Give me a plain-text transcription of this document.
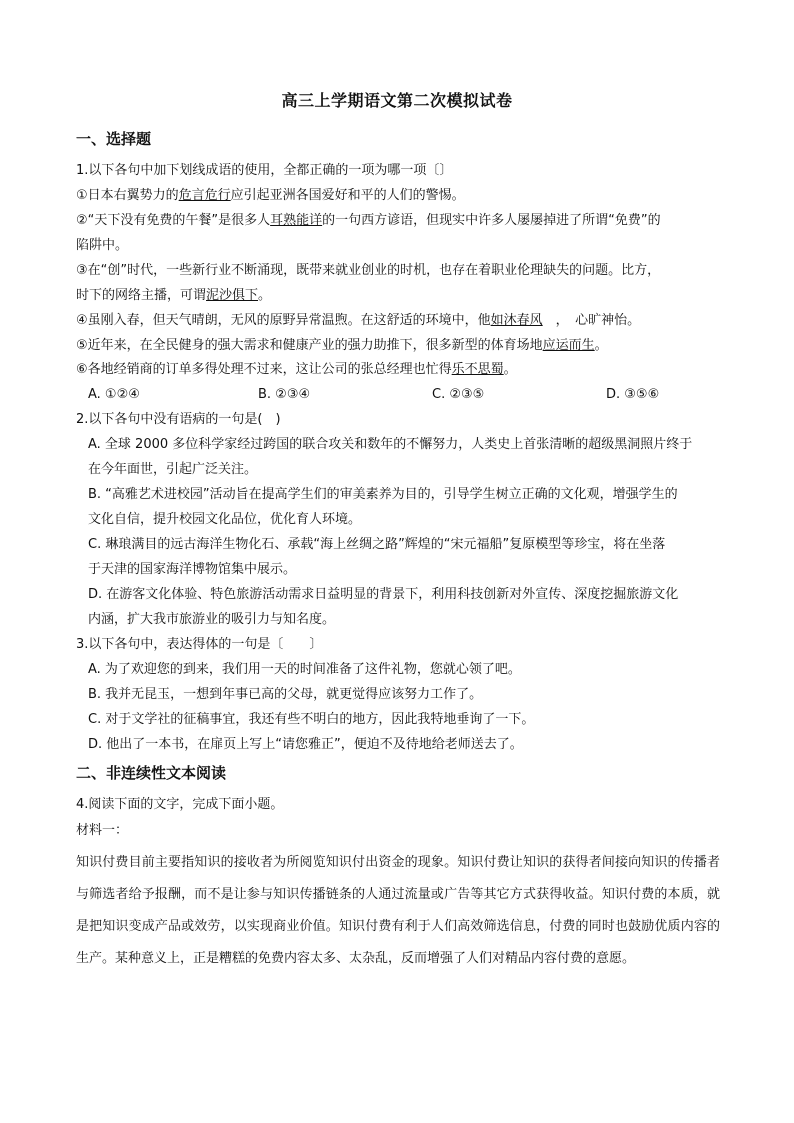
高三上学期语文第二次模拟试卷
一、选择题
1.以下各句中加下划线成语的使用，全都正确的一项为哪一项〔〕
①日本右翼势力的危言危行应引起亚洲各国爱好和平的人们的警惕。
②“天下没有免费的午餐”是很多人耳熟能详的一句西方谚语，但现实中许多人屡屡掉进了所谓“免费”的
陷阱中。
③在“创”时代，一些新行业不断涌现，既带来就业创业的时机，也存在着职业伦理缺失的问题。比方，
时下的网络主播，可谓泥沙俱下。
④虽刚入春，但天气晴朗，无风的原野异常温煦。在这舒适的环境中，他如沐春风　，　心旷神怡。
⑤近年来，在全民健身的强大需求和健康产业的强力助推下，很多新型的体育场地应运而生。
⑥各地经销商的订单多得处理不过来，这让公司的张总经理也忙得乐不思蜀。
A. ①②④	B. ②③④	C. ②③⑤	D. ③⑤⑥
2.以下各句中没有语病的一句是(　)
A. 全球 2000 多位科学家经过跨国的联合攻关和数年的不懈努力，人类史上首张清晰的超级黑洞照片终于
在今年面世，引起广泛关注。
B. “高雅艺术进校园”活动旨在提高学生们的审美素养为目的，引导学生树立正确的文化观，增强学生的
文化自信，提升校园文化品位，优化育人环境。
C. 琳琅满目的远古海洋生物化石、承载“海上丝绸之路”辉煌的“宋元福船”复原模型等珍宝，将在坐落
于天津的国家海洋博物馆集中展示。
D. 在游客文化体验、特色旅游活动需求日益明显的背景下，利用科技创新对外宣传、深度挖掘旅游文化
内涵，扩大我市旅游业的吸引力与知名度。
3.以下各句中，表达得体的一句是〔　　〕
A. 为了欢迎您的到来，我们用一天的时间准备了这件礼物，您就心领了吧。
B. 我并无昆玉，一想到年事已高的父母，就更觉得应该努力工作了。
C. 对于文学社的征稿事宜，我还有些不明白的地方，因此我特地垂询了一下。
D. 他出了一本书，在扉页上写上“请您雅正”，便迫不及待地给老师送去了。
二、非连续性文本阅读
4.阅读下面的文字，完成下面小题。
材料一：
知识付费目前主要指知识的接收者为所阅览知识付出资金的现象。知识付费让知识的获得者间接向知识的传播者与筛选者给予报酬，而不是让参与知识传播链条的人通过流量或广告等其它方式获得收益。知识付费的本质，就是把知识变成产品或效劳，以实现商业价值。知识付费有利于人们高效筛选信息，付费的同时也鼓励优质内容的生产。某种意义上，正是糟糕的免费内容太多、太杂乱，反而增强了人们对精品内容付费的意愿。
